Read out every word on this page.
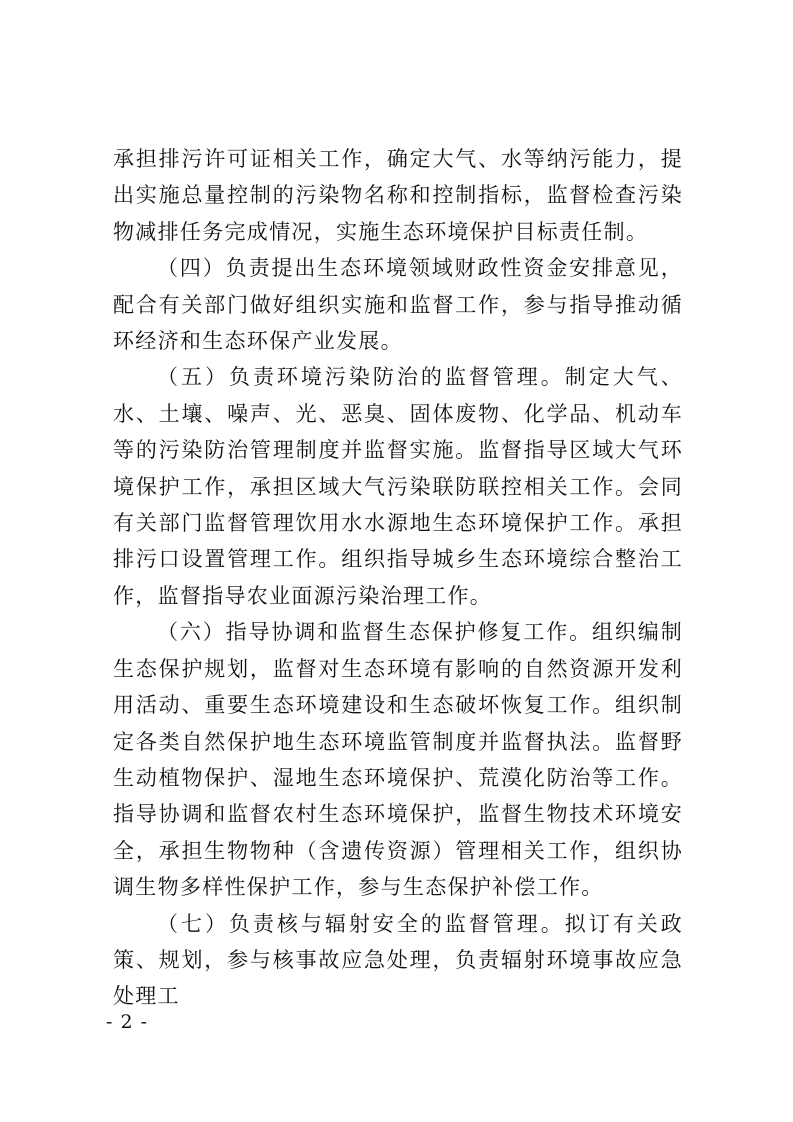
承担排污许可证相关工作，确定大气、水等纳污能力，提出实施总量控制的污染物名称和控制指标，监督检查污染物减排任务完成情况，实施生态环境保护目标责任制。

（四）负责提出生态环境领域财政性资金安排意见，配合有关部门做好组织实施和监督工作，参与指导推动循环经济和生态环保产业发展。

（五）负责环境污染防治的监督管理。制定大气、水、土壤、噪声、光、恶臭、固体废物、化学品、机动车等的污染防治管理制度并监督实施。监督指导区域大气环境保护工作，承担区域大气污染联防联控相关工作。会同有关部门监督管理饮用水水源地生态环境保护工作。承担排污口设置管理工作。组织指导城乡生态环境综合整治工作，监督指导农业面源污染治理工作。

（六）指导协调和监督生态保护修复工作。组织编制生态保护规划，监督对生态环境有影响的自然资源开发利用活动、重要生态环境建设和生态破坏恢复工作。组织制定各类自然保护地生态环境监管制度并监督执法。监督野生动植物保护、湿地生态环境保护、荒漠化防治等工作。指导协调和监督农村生态环境保护，监督生物技术环境安全，承担生物物种（含遗传资源）管理相关工作，组织协调生物多样性保护工作，参与生态保护补偿工作。

（七）负责核与辐射安全的监督管理。拟订有关政策、规划，参与核事故应急处理，负责辐射环境事故应急处理工

- 2 -
